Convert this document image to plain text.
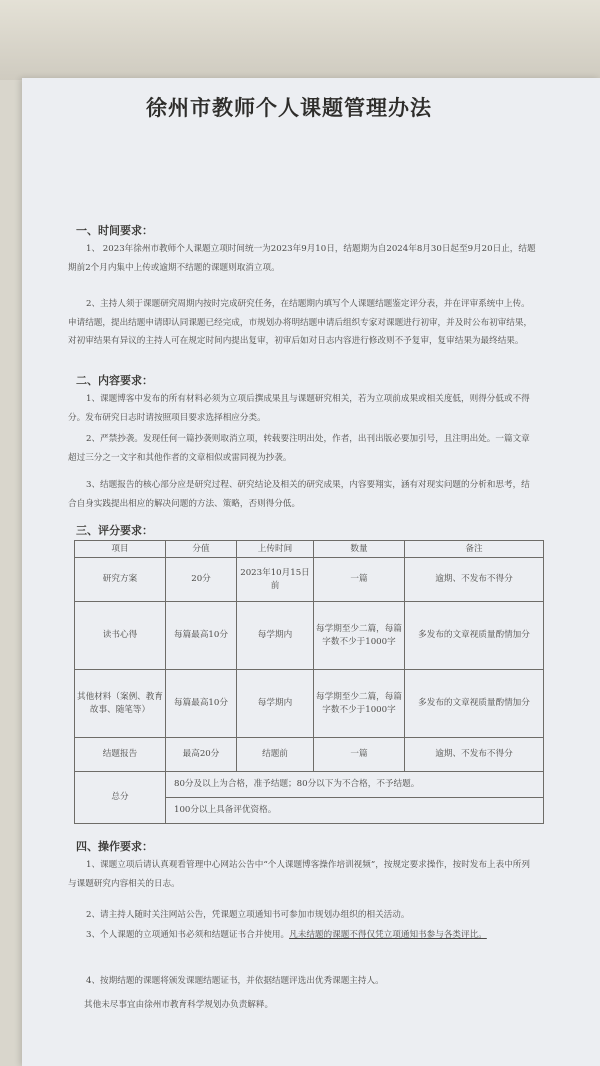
徐州市教师个人课题管理办法
一、时间要求：

1、 2023年徐州市教师个人课题立项时间统一为2023年9月10日，结题期为自2024年8月30日起至9月20日止，结题期前2个月内集中上传或逾期不结题的课题则取消立项。

2、主持人须于课题研究周期内按时完成研究任务，在结题期内填写个人课题结题鉴定评分表，并在评审系统中上传。申请结题，提出结题申请即认同课题已经完成，市规划办将明结题申请后组织专家对课题进行初审，并及时公布初审结果，对初审结果有异议的主持人可在规定时间内提出复审，初审后如对日志内容进行修改则不予复审，复审结果为最终结果。

二、内容要求：

1、课题博客中发布的所有材料必须为立项后撰成果且与课题研究相关，若为立项前成果或相关度低，则得分低或不得分。发布研究日志时请按照项目要求选择相应分类。

2、严禁抄袭。发现任何一篇抄袭则取消立项，转载要注明出处，作者，出刊出版必要加引号，且注明出处。一篇文章超过三分之一文字和其他作者的文章相似或雷同视为抄袭。

3、结题报告的核心部分应是研究过程、研究结论及相关的研究成果，内容要翔实，涵有对现实问题的分析和思考，结合自身实践提出相应的解决问题的方法、策略，否则得分低。

三、评分要求：
项目	分值	上传时间	数量	备注
研究方案	20分	2023年10月15日前	一篇	逾期、不发布不得分
读书心得	每篇最高10分	每学期内	每学期至少二篇，每篇字数不少于1000字	多发布的文章视质量酌情加分
其他材料（案例、教育故事、随笔等）	每篇最高10分	每学期内	每学期至少二篇，每篇字数不少于1000字	多发布的文章视质量酌情加分
结题报告	最高20分	结题前	一篇	逾期、不发布不得分
总分	80分及以上为合格，准予结题；80分以下为不合格，不予结题。			
	100分以上具备评优资格。			
四、操作要求：

1、课题立项后请认真观看管理中心网站公告中“个人课题博客操作培训视频”，按规定要求操作，按时发布上表中所列与课题研究内容相关的日志。

2、请主持人随时关注网站公告，凭课题立项通知书可参加市规划办组织的相关活动。

3、个人课题的立项通知书必须和结题证书合并使用。凡未结题的课题不得仅凭立项通知书参与各类评比。

4、按期结题的课题将颁发课题结题证书，并依据结题评选出优秀课题主持人。

其他未尽事宜由徐州市教育科学规划办负责解释。
